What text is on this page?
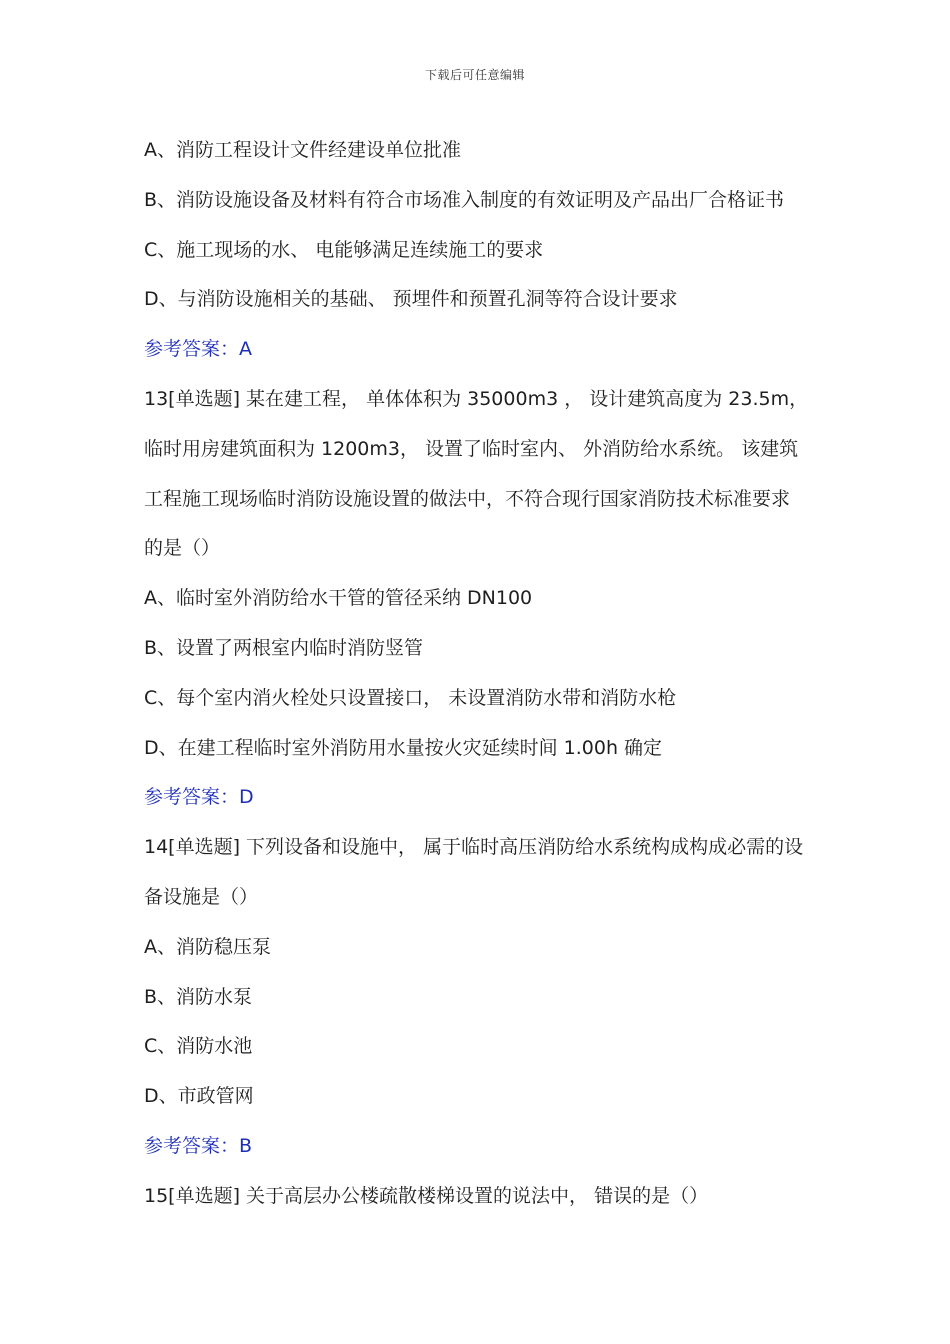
下载后可任意编辑
A、消防工程设计文件经建设单位批准
B、消防设施设备及材料有符合市场准入制度的有效证明及产品出厂合格证书
C、施工现场的水、 电能够满足连续施工的要求
D、与消防设施相关的基础、 预埋件和预置孔洞等符合设计要求
参考答案：A
13[单选题] 某在建工程， 单体体积为 35000m3 ， 设计建筑高度为 23.5m，
临时用房建筑面积为 1200m3， 设置了临时室内、 外消防给水系统。 该建筑
工程施工现场临时消防设施设置的做法中，不符合现行国家消防技术标准要求
的是（）
A、临时室外消防给水干管的管径采纳 DN100
B、设置了两根室内临时消防竖管
C、每个室内消火栓处只设置接口， 未设置消防水带和消防水枪
D、在建工程临时室外消防用水量按火灾延续时间 1.00h 确定
参考答案：D
14[单选题] 下列设备和设施中， 属于临时高压消防给水系统构成构成必需的设
备设施是（）
A、消防稳压泵
B、消防水泵
C、消防水池
D、市政管网
参考答案：B
15[单选题] 关于高层办公楼疏散楼梯设置的说法中， 错误的是（）
